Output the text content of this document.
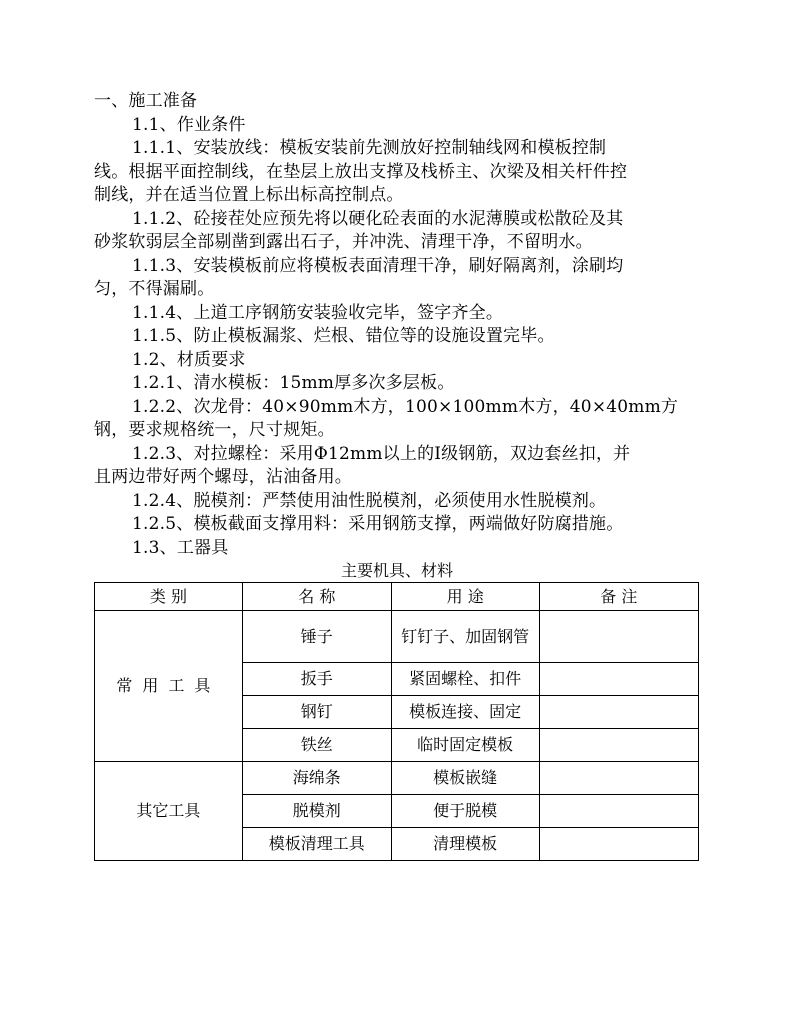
一、施工准备
1.1、作业条件
1.1.1、安装放线：模板安装前先测放好控制轴线网和模板控制
线。根据平面控制线，在垫层上放出支撑及栈桥主、次梁及相关杆件控
制线，并在适当位置上标出标高控制点。
1.1.2、砼接茬处应预先将以硬化砼表面的水泥薄膜或松散砼及其
砂浆软弱层全部剔凿到露出石子，并冲洗、清理干净，不留明水。
1.1.3、安装模板前应将模板表面清理干净，刷好隔离剂，涂刷均
匀，不得漏刷。
1.1.4、上道工序钢筋安装验收完毕，签字齐全。
1.1.5、防止模板漏浆、烂根、错位等的设施设置完毕。
1.2、材质要求
1.2.1、清水模板：15mm厚多次多层板。
1.2.2、次龙骨：40×90mm木方，100×100mm木方，40×40mm方
钢，要求规格统一，尺寸规矩。
1.2.3、对拉螺栓：采用Φ12mm以上的Ⅰ级钢筋，双边套丝扣，并
且两边带好两个螺母，沾油备用。
1.2.4、脱模剂：严禁使用油性脱模剂，必须使用水性脱模剂。
1.2.5、模板截面支撑用料：采用钢筋支撑，两端做好防腐措施。
1.3、工器具
主要机具、材料
类 别	名 称	用 途	备 注
常用工具	锤子	钉钉子、加固钢管	
	扳手	紧固螺栓、扣件	
	钢钉	模板连接、固定	
	铁丝	临时固定模板	
其它工具	海绵条	模板嵌缝	
	脱模剂	便于脱模	
	模板清理工具	清理模板	
